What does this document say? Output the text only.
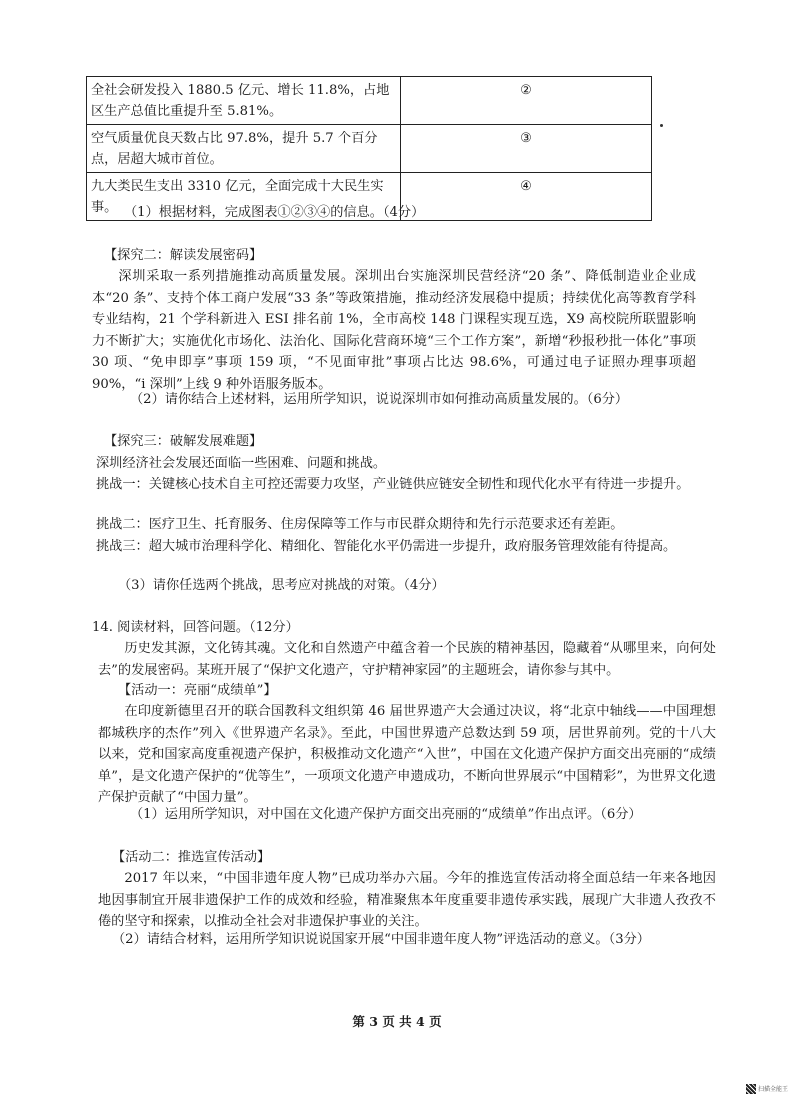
全社会研发投入 1880.5 亿元、增长 11.8%，占地区生产总值比重提升至 5.81%。	②
空气质量优良天数占比 97.8%，提升 5.7 个百分点，居超大城市首位。	③
九大类民生支出 3310 亿元，全面完成十大民生实事。	④
（1）根据材料，完成图表①②③④的信息。（4分）
【探究二：解读发展密码】
深圳采取一系列措施推动高质量发展。深圳出台实施深圳民营经济“20 条”、降低制造业企业成本“20 条”、支持个体工商户发展“33 条”等政策措施，推动经济发展稳中提质；持续优化高等教育学科专业结构，21 个学科新进入 ESI 排名前 1%，全市高校 148 门课程实现互选，X9 高校院所联盟影响力不断扩大；实施优化市场化、法治化、国际化营商环境“三个工作方案”，新增“秒报秒批一体化”事项 30 项、“免申即享”事项 159 项，“不见面审批”事项占比达 98.6%，可通过电子证照办理事项超 90%，“i 深圳”上线 9 种外语服务版本。
（2）请你结合上述材料，运用所学知识，说说深圳市如何推动高质量发展的。（6分）
【探究三：破解发展难题】
深圳经济社会发展还面临一些困难、问题和挑战。
挑战一：关键核心技术自主可控还需要力攻坚，产业链供应链安全韧性和现代化水平有待进一步提升。
挑战二：医疗卫生、托育服务、住房保障等工作与市民群众期待和先行示范要求还有差距。
挑战三：超大城市治理科学化、精细化、智能化水平仍需进一步提升，政府服务管理效能有待提高。
（3）请你任选两个挑战，思考应对挑战的对策。（4分）
14. 阅读材料，回答问题。（12分）
历史发其源，文化铸其魂。文化和自然遗产中蕴含着一个民族的精神基因，隐藏着“从哪里来，向何处去”的发展密码。某班开展了“保护文化遗产，守护精神家园”的主题班会，请你参与其中。
【活动一：亮丽“成绩单”】
在印度新德里召开的联合国教科文组织第 46 届世界遗产大会通过决议，将“北京中轴线——中国理想都城秩序的杰作”列入《世界遗产名录》。至此，中国世界遗产总数达到 59 项，居世界前列。党的十八大以来，党和国家高度重视遗产保护，积极推动文化遗产“入世”，中国在文化遗产保护方面交出亮丽的“成绩单”，是文化遗产保护的“优等生”，一项项文化遗产申遗成功，不断向世界展示“中国精彩”，为世界文化遗产保护贡献了“中国力量”。
（1）运用所学知识，对中国在文化遗产保护方面交出亮丽的“成绩单”作出点评。（6分）
【活动二：推选宣传活动】
2017 年以来，“中国非遗年度人物”已成功举办六届。今年的推选宣传活动将全面总结一年来各地因地因事制宜开展非遗保护工作的成效和经验，精准聚焦本年度重要非遗传承实践，展现广大非遗人孜孜不倦的坚守和探索，以推动全社会对非遗保护事业的关注。
（2）请结合材料，运用所学知识说说国家开展“中国非遗年度人物”评选活动的意义。（3分）
第 3 页 共 4 页
扫描全能王
